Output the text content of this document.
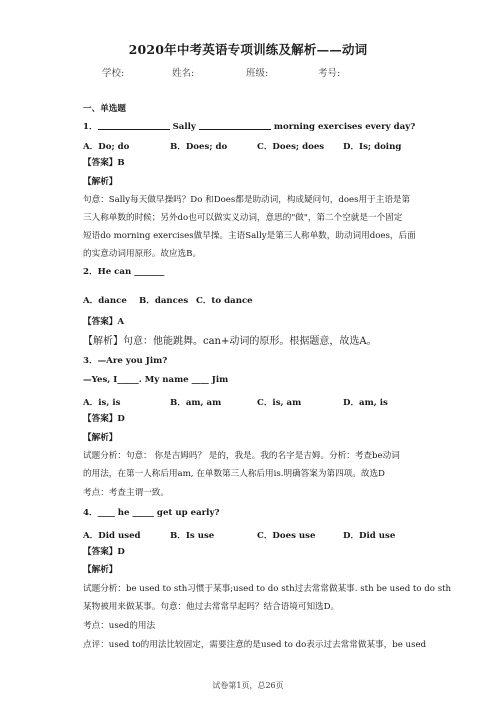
2020年中考英语专项训练及解析——动词
学校:	姓名:	班级:	考号:
一、单选题
1．	Sally	morning exercises every day?
A．Do; do	B．Does; do	C．Does; does D．Is; doing
【答案】B
【解析】
句意：Sally每天做早操吗？Do 和Does都是助动词，构成疑问句，does用于主语是第
三人称单数的时候；另外do也可以做实义动词，意思的"做"，第二个空就是一个固定
短语do morning exercises做早操。主语Sally是第三人称单数，助动词用does，后面
的实意动词用原形。故应选B。
2．He can _______
A．dance B．dances C．to dance
【答案】A
【解析】句意：他能跳舞。can+动词的原形。根据题意，故选A。
3．—Are you Jim?
—Yes, I_____. My name ____ Jim
A．is, is	B．am, am	C．is, am	D．am, is
【答案】D
【解析】
试题分析：句意： 你是吉姆吗？ 是的，我是。我的名字是吉姆。分析：考查be动词
的用法，在第一人称后用am, 在单数第三人称后用is.明确答案为第四项。故选D
考点：考查主谓一致。
4．____ he _____ get up early?
A．Did used	B．Is use	C．Does use	D．Did use
【答案】D
【解析】
试题分析：be used to sth习惯于某事;used to do sth过去常常做某事. sth be used to do sth
某物被用来做某事。句意：他过去常常早起吗？结合语境可知选D。
考点：used的用法
点评：used to的用法比较固定，需要注意的是used to do表示过去常常做某事，be used
试卷第1页，总26页
